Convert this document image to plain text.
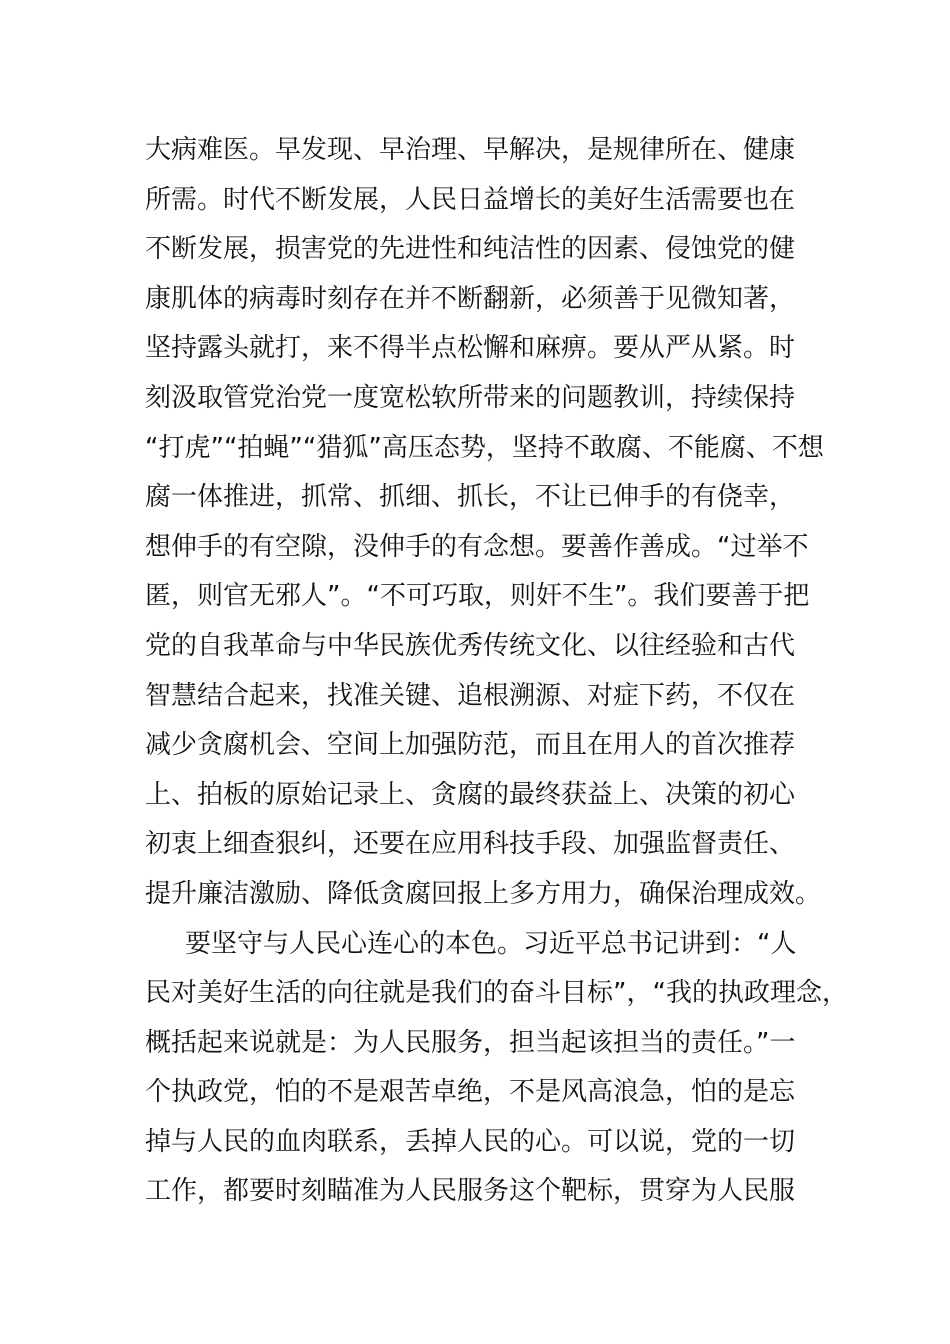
大病难医。早发现、早治理、早解决，是规律所在、健康
所需。时代不断发展，人民日益增长的美好生活需要也在
不断发展，损害党的先进性和纯洁性的因素、侵蚀党的健
康肌体的病毒时刻存在并不断翻新，必须善于见微知著，
坚持露头就打，来不得半点松懈和麻痹。要从严从紧。时
刻汲取管党治党一度宽松软所带来的问题教训，持续保持
“打虎”“拍蝇”“猎狐”高压态势，坚持不敢腐、不能腐、不想
腐一体推进，抓常、抓细、抓长，不让已伸手的有侥幸，
想伸手的有空隙，没伸手的有念想。要善作善成。“过举不
匿，则官无邪人”。“不可巧取，则奸不生”。我们要善于把
党的自我革命与中华民族优秀传统文化、以往经验和古代
智慧结合起来，找准关键、追根溯源、对症下药，不仅在
减少贪腐机会、空间上加强防范，而且在用人的首次推荐
上、拍板的原始记录上、贪腐的最终获益上、决策的初心
初衷上细查狠纠，还要在应用科技手段、加强监督责任、
提升廉洁激励、降低贪腐回报上多方用力，确保治理成效。
要坚守与人民心连心的本色。习近平总书记讲到：“人
民对美好生活的向往就是我们的奋斗目标”，“我的执政理念，
概括起来说就是：为人民服务，担当起该担当的责任。”一
个执政党，怕的不是艰苦卓绝，不是风高浪急，怕的是忘
掉与人民的血肉联系，丢掉人民的心。可以说，党的一切
工作，都要时刻瞄准为人民服务这个靶标，贯穿为人民服
